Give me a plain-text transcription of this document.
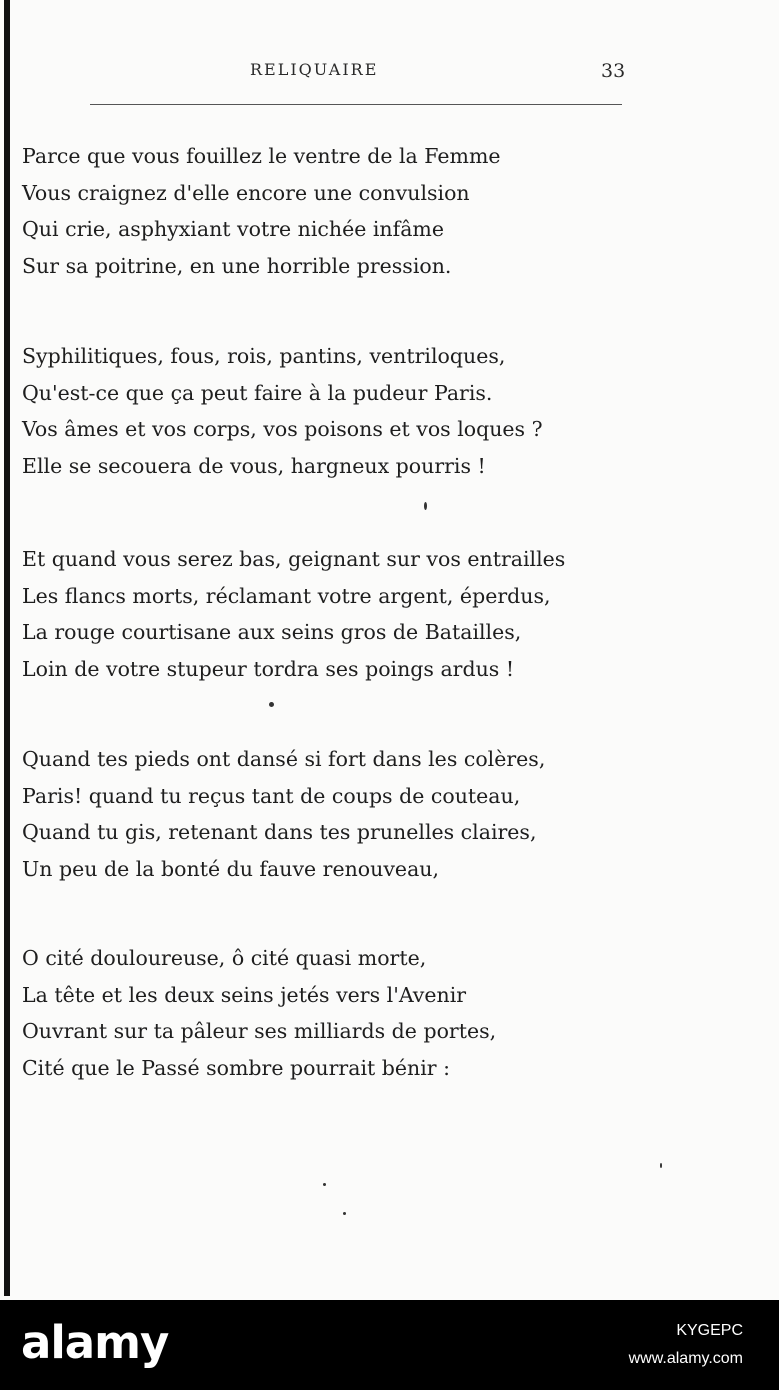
RELIQUAIRE	33
Parce que vous fouillez le ventre de la Femme
Vous craignez d'elle encore une convulsion
Qui crie, asphyxiant votre nichée infâme
Sur sa poitrine, en une horrible pression.
Syphilitiques, fous, rois, pantins, ventriloques,
Qu'est-ce que ça peut faire à la pudeur Paris.
Vos âmes et vos corps, vos poisons et vos loques ?
Elle se secouera de vous, hargneux pourris !
Et quand vous serez bas, geignant sur vos entrailles
Les flancs morts, réclamant votre argent, éperdus,
La rouge courtisane aux seins gros de Batailles,
Loin de votre stupeur tordra ses poings ardus !
Quand tes pieds ont dansé si fort dans les colères,
Paris! quand tu reçus tant de coups de couteau,
Quand tu gis, retenant dans tes prunelles claires,
Un peu de la bonté du fauve renouveau,
O cité douloureuse, ô cité quasi morte,
La tête et les deux seins jetés vers l'Avenir
Ouvrant sur ta pâleur ses milliards de portes,
Cité que le Passé sombre pourrait bénir :
alamy	KYGEPC
www.alamy.com
